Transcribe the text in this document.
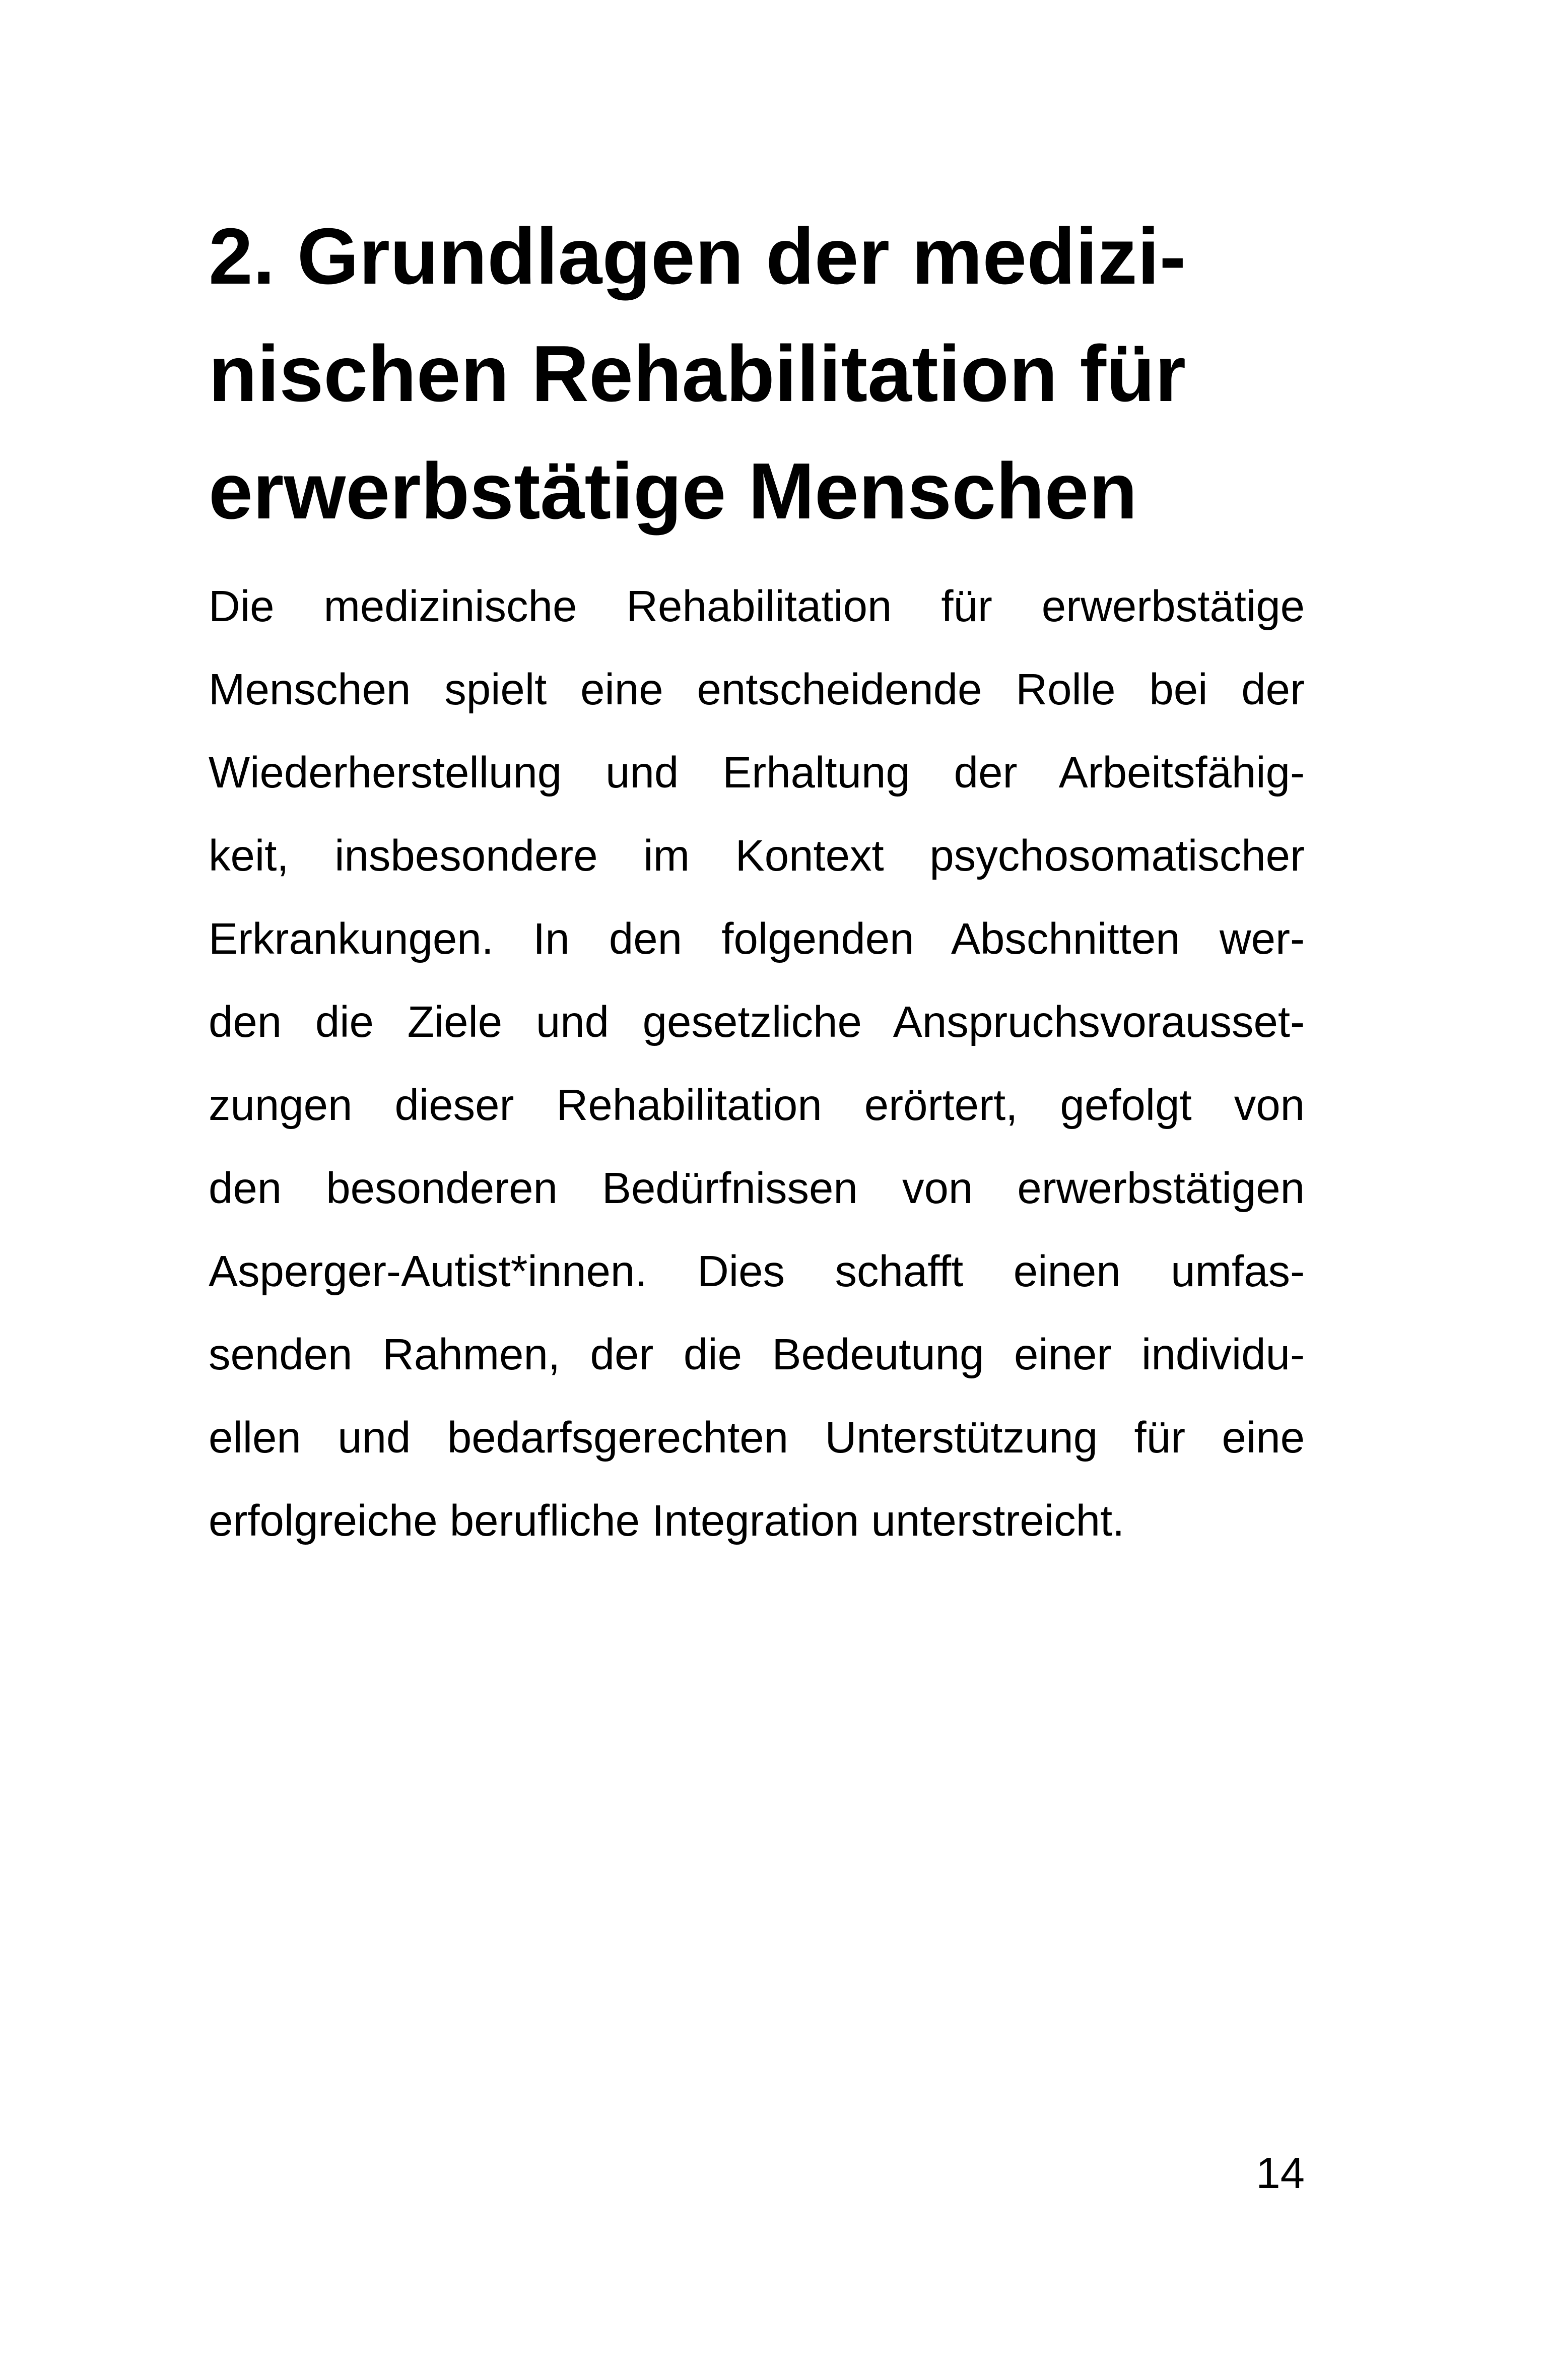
2. Grundlagen der medizi-
nischen Rehabilitation für
erwerbstätige Menschen
Die medizinische Rehabilitation für erwerbstätige
Menschen spielt eine entscheidende Rolle bei der
Wiederherstellung und Erhaltung der Arbeitsfähig-
keit, insbesondere im Kontext psychosomatischer
Erkrankungen. In den folgenden Abschnitten wer-
den die Ziele und gesetzliche Anspruchsvorausset-
zungen dieser Rehabilitation erörtert, gefolgt von
den besonderen Bedürfnissen von erwerbstätigen
Asperger-Autist*innen. Dies schafft einen umfas-
senden Rahmen, der die Bedeutung einer individu-
ellen und bedarfsgerechten Unterstützung für eine
erfolgreiche berufliche Integration unterstreicht.
14
